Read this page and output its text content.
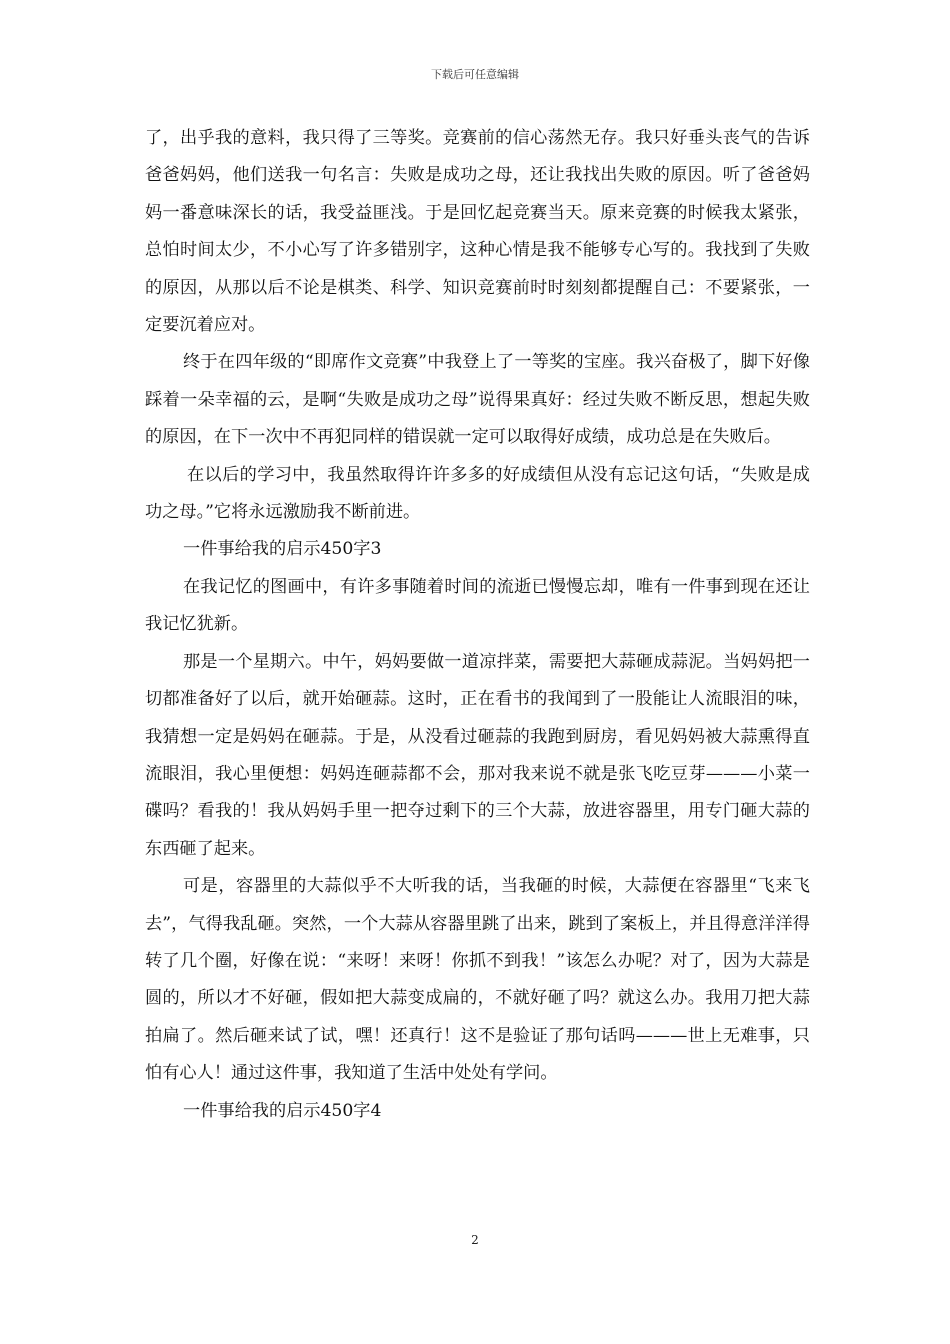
下载后可任意编辑

了，出乎我的意料，我只得了三等奖。竞赛前的信心荡然无存。我只好垂头丧气的告诉爸爸妈妈，他们送我一句名言：失败是成功之母，还让我找出失败的原因。听了爸爸妈妈一番意味深长的话，我受益匪浅。于是回忆起竞赛当天。原来竞赛的时候我太紧张，总怕时间太少，不小心写了许多错别字，这种心情是我不能够专心写的。我找到了失败的原因，从那以后不论是棋类、科学、知识竞赛前时时刻刻都提醒自己：不要紧张，一定要沉着应对。

终于在四年级的“即席作文竞赛”中我登上了一等奖的宝座。我兴奋极了，脚下好像踩着一朵幸福的云，是啊“失败是成功之母”说得果真好：经过失败不断反思，想起失败的原因，在下一次中不再犯同样的错误就一定可以取得好成绩，成功总是在失败后。

在以后的学习中，我虽然取得许许多多的好成绩但从没有忘记这句话，“失败是成功之母。”它将永远激励我不断前进。

一件事给我的启示450字3

在我记忆的图画中，有许多事随着时间的流逝已慢慢忘却，唯有一件事到现在还让我记忆犹新。

那是一个星期六。中午，妈妈要做一道凉拌菜，需要把大蒜砸成蒜泥。当妈妈把一切都准备好了以后，就开始砸蒜。这时，正在看书的我闻到了一股能让人流眼泪的味，我猜想一定是妈妈在砸蒜。于是，从没看过砸蒜的我跑到厨房，看见妈妈被大蒜熏得直流眼泪，我心里便想：妈妈连砸蒜都不会，那对我来说不就是张飞吃豆芽———小菜一碟吗？看我的！我从妈妈手里一把夺过剩下的三个大蒜，放进容器里，用专门砸大蒜的东西砸了起来。

可是，容器里的大蒜似乎不大听我的话，当我砸的时候，大蒜便在容器里“飞来飞去”，气得我乱砸。突然，一个大蒜从容器里跳了出来，跳到了案板上，并且得意洋洋得转了几个圈，好像在说：“来呀！来呀！你抓不到我！”该怎么办呢？对了，因为大蒜是圆的，所以才不好砸，假如把大蒜变成扁的，不就好砸了吗？就这么办。我用刀把大蒜拍扁了。然后砸来试了试，嘿！还真行！这不是验证了那句话吗———世上无难事，只怕有心人！通过这件事，我知道了生活中处处有学问。

一件事给我的启示450字4

2
